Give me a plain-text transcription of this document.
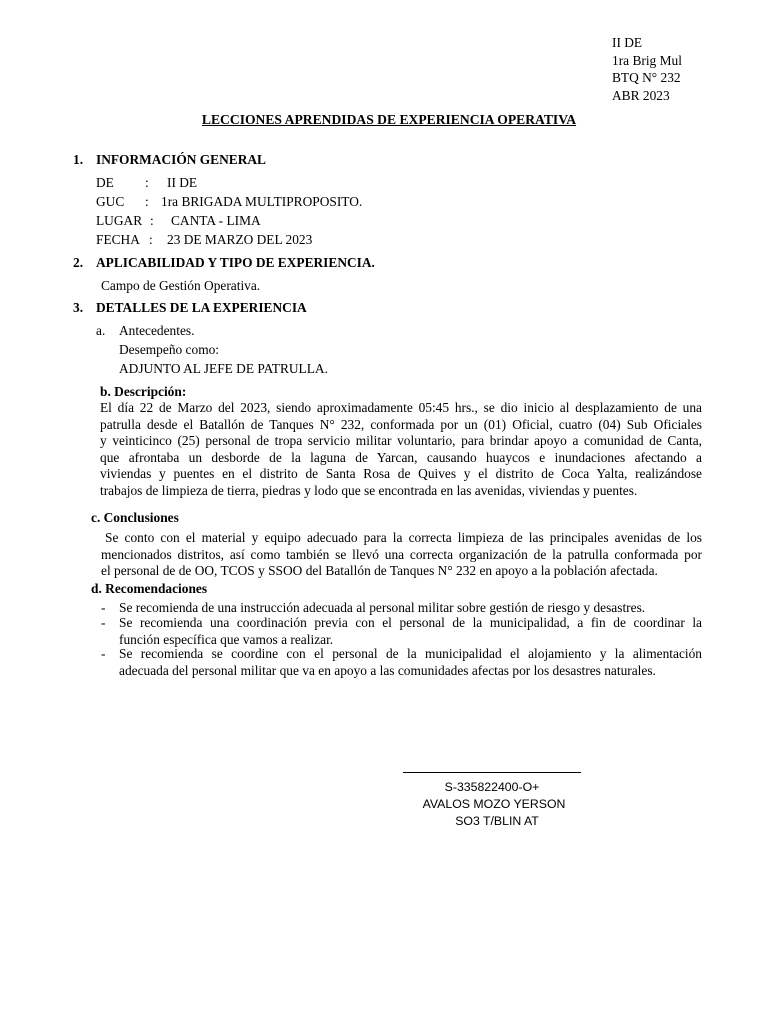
II DE
1ra Brig Mul
BTQ N° 232
ABR 2023
LECCIONES APRENDIDAS DE EXPERIENCIA OPERATIVA
1. INFORMACIÓN GENERAL
DE : II DE
GUC : 1ra BRIGADA MULTIPROPOSITO.
LUGAR : CANTA - LIMA
FECHA : 23 DE MARZO DEL 2023
2. APLICABILIDAD Y TIPO DE EXPERIENCIA.
Campo de Gestión Operativa.
3. DETALLES DE LA EXPERIENCIA
a. Antecedentes.
Desempeño como:
ADJUNTO AL JEFE DE PATRULLA.
b. Descripción:
El día 22 de Marzo del 2023, siendo aproximadamente 05:45 hrs., se dio inicio al desplazamiento de una
patrulla desde el Batallón de Tanques N° 232, conformada por un (01) Oficial, cuatro (04) Sub Oficiales
y veinticinco (25) personal de tropa servicio militar voluntario, para brindar apoyo a comunidad de Canta,
que afrontaba un desborde de la laguna de Yarcan, causando huaycos e inundaciones afectando a
viviendas y puentes en el distrito de Santa Rosa de Quives y el distrito de Coca Yalta, realizándose
trabajos de limpieza de tierra, piedras y lodo que se encontrada en las avenidas, viviendas y puentes.
c. Conclusiones
Se conto con el material y equipo adecuado para la correcta limpieza de las principales avenidas de los
mencionados distritos, así como también se llevó una correcta organización de la patrulla conformada por
el personal de de OO, TCOS y SSOO del Batallón de Tanques N° 232 en apoyo a la población afectada.
d. Recomendaciones
- Se recomienda de una instrucción adecuada al personal militar sobre gestión de riesgo y desastres.
- Se recomienda una coordinación previa con el personal de la municipalidad, a fin de coordinar la
función específica que vamos a realizar.
- Se recomienda se coordine con el personal de la municipalidad el alojamiento y la alimentación
adecuada del personal militar que va en apoyo a las comunidades afectas por los desastres naturales.
S-335822400-O+
AVALOS MOZO YERSON
SO3 T/BLIN AT
